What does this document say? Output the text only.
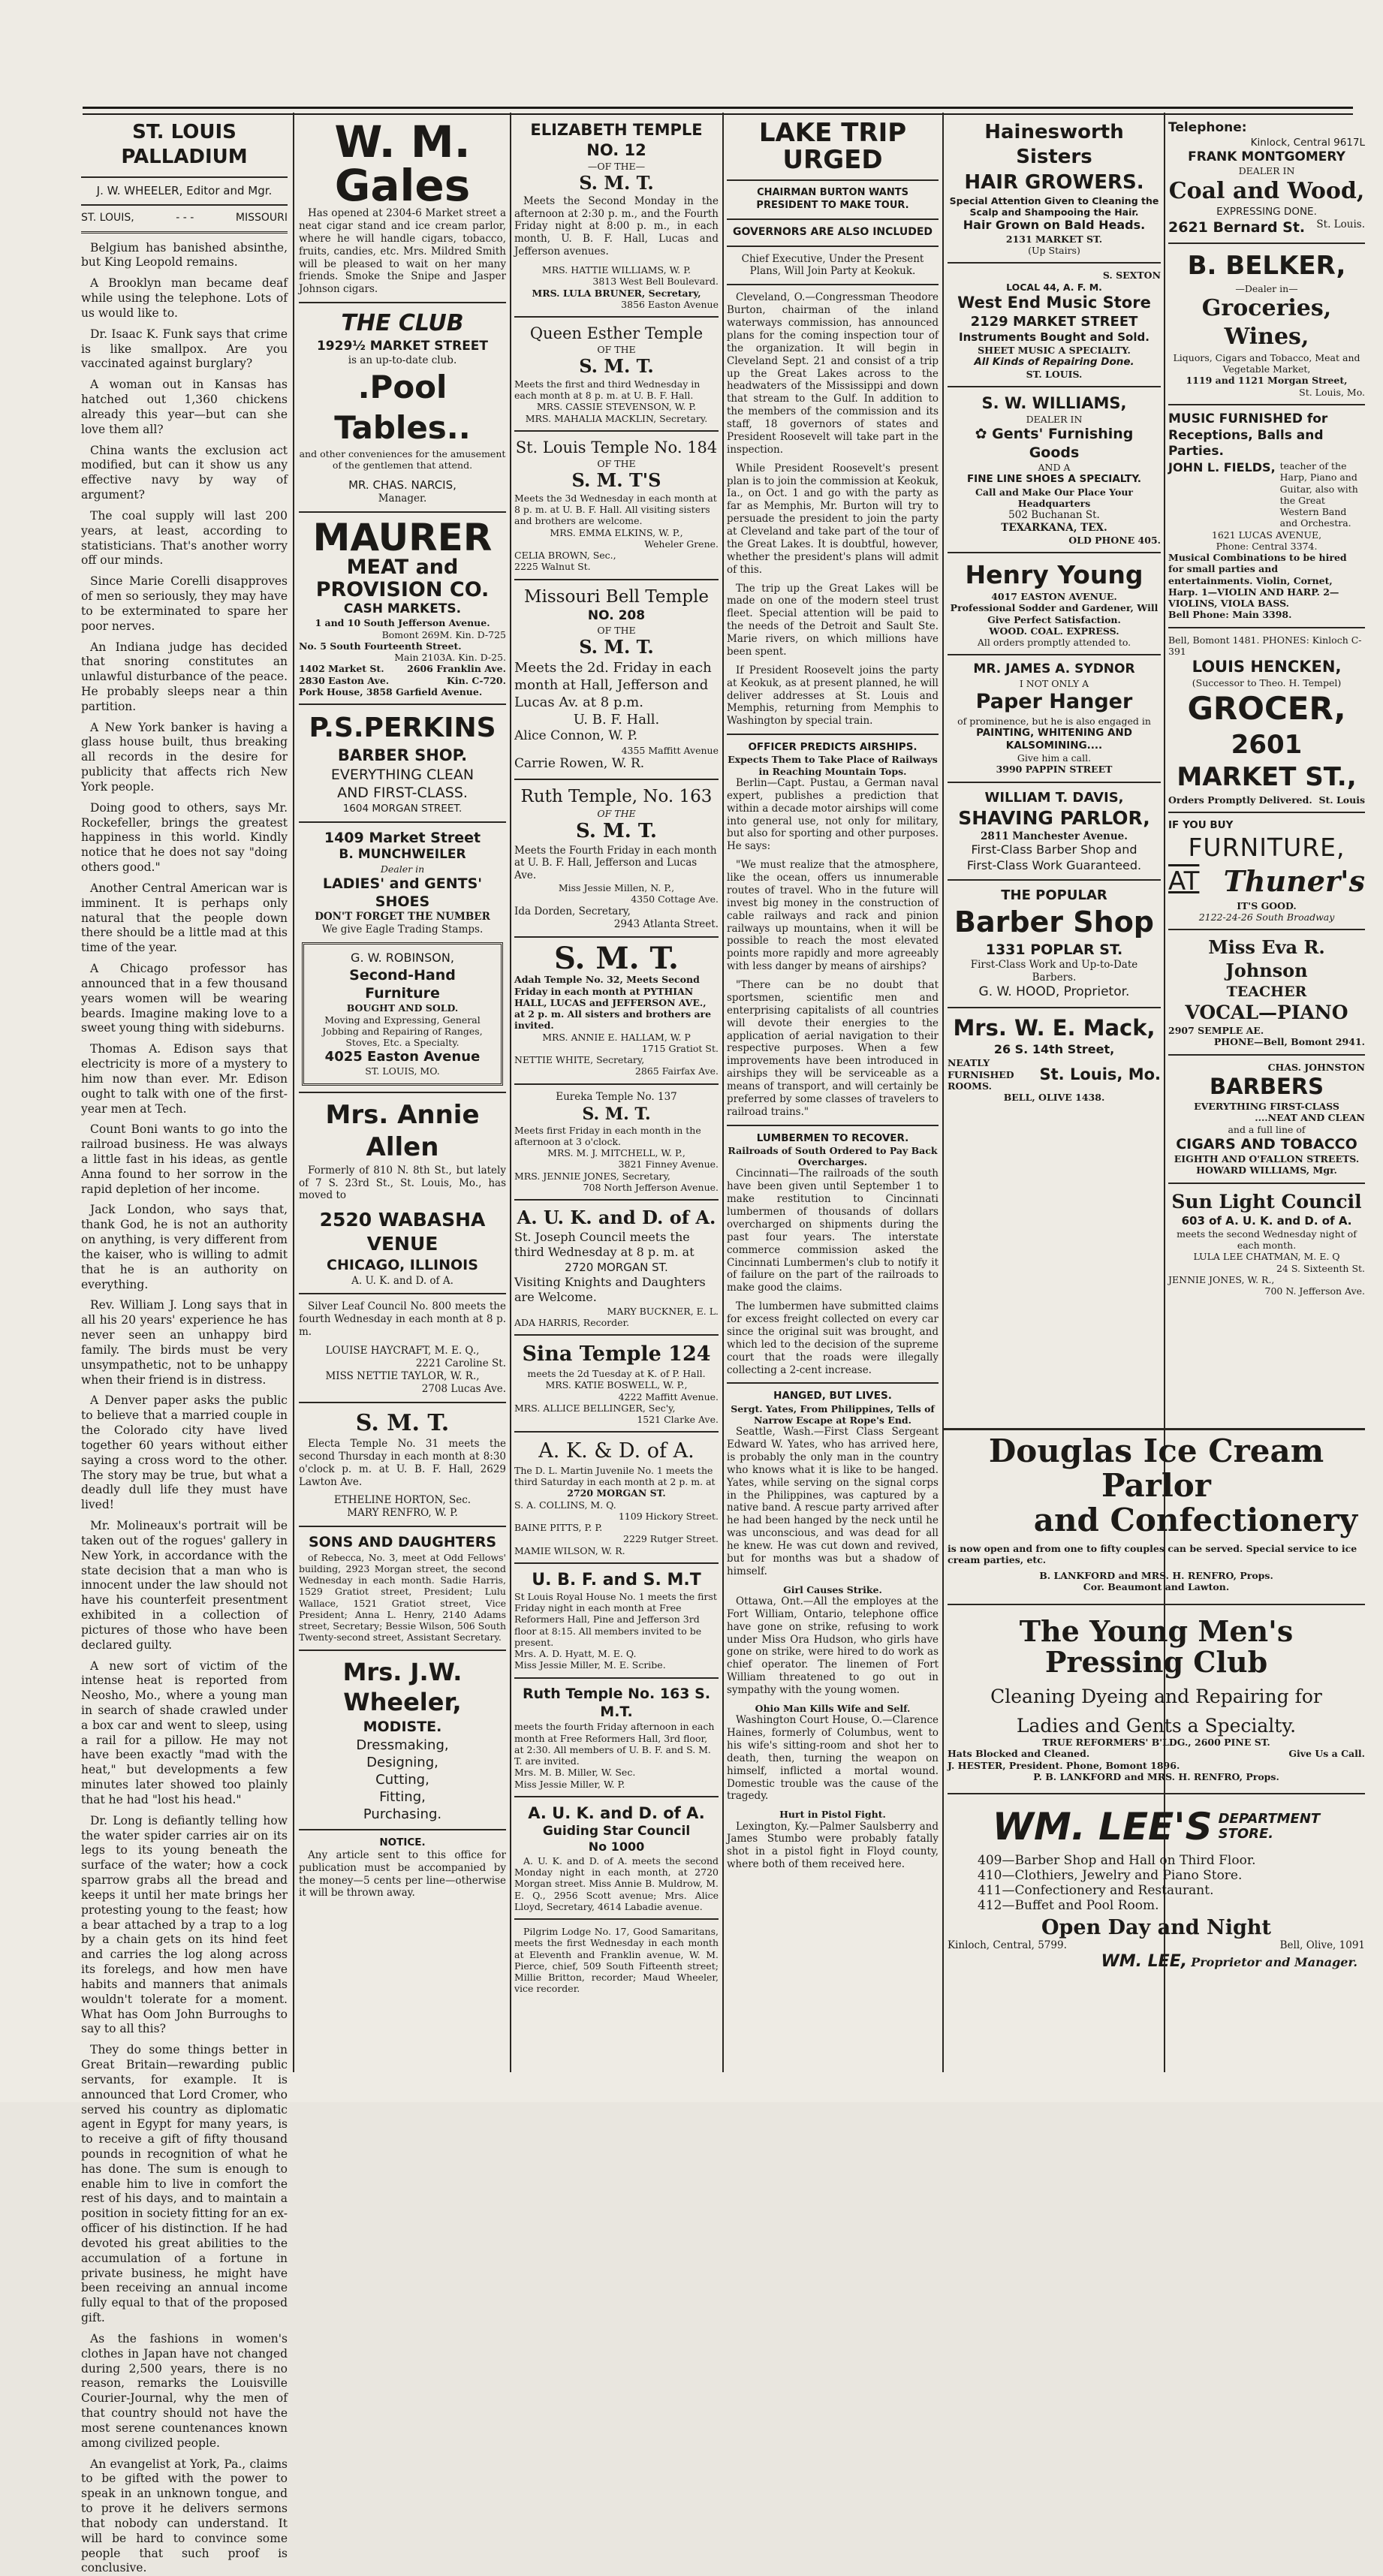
ST. LOUIS PALLADIUM
J. W. WHEELER, Editor and Mgr.
ST. LOUIS,	- - -	MISSOURI

Belgium has banished absinthe, but King Leopold remains.

A Brooklyn man became deaf while using the telephone. Lots of us would like to.

Dr. Isaac K. Funk says that crime is like smallpox. Are you vaccinated against burglary?

A woman out in Kansas has hatched out 1,360 chickens already this year—but can she love them all?

China wants the exclusion act modified, but can it show us any effective navy by way of argument?

The coal supply will last 200 years, at least, according to statisticians. That's another worry off our minds.

Since Marie Corelli disapproves of men so seriously, they may have to be exterminated to spare her poor nerves.

An Indiana judge has decided that snoring constitutes an unlawful disturbance of the peace. He probably sleeps near a thin partition.

A New York banker is having a glass house built, thus breaking all records in the desire for publicity that affects rich New York people.

Doing good to others, says Mr. Rockefeller, brings the greatest happiness in this world. Kindly notice that he does not say "doing others good."

Another Central American war is imminent. It is perhaps only natural that the people down there should be a little mad at this time of the year.

A Chicago professor has announced that in a few thousand years women will be wearing beards. Imagine making love to a sweet young thing with sideburns.

Thomas A. Edison says that electricity is more of a mystery to him now than ever. Mr. Edison ought to talk with one of the first-year men at Tech.

Count Boni wants to go into the railroad business. He was always a little fast in his ideas, as gentle Anna found to her sorrow in the rapid depletion of her income.

Jack London, who says that, thank God, he is not an authority on anything, is very different from the kaiser, who is willing to admit that he is an authority on everything.

Rev. William J. Long says that in all his 20 years' experience he has never seen an unhappy bird family. The birds must be very unsympathetic, not to be unhappy when their friend is in distress.

A Denver paper asks the public to believe that a married couple in the Colorado city have lived together 60 years without either saying a cross word to the other. The story may be true, but what a deadly dull life they must have lived!

Mr. Molineaux's portrait will be taken out of the rogues' gallery in New York, in accordance with the state decision that a man who is innocent under the law should not have his counterfeit presentment exhibited in a collection of pictures of those who have been declared guilty.

A new sort of victim of the intense heat is reported from Neosho, Mo., where a young man in search of shade crawled under a box car and went to sleep, using a rail for a pillow. He may not have been exactly "mad with the heat," but developments a few minutes later showed too plainly that he had "lost his head."

Dr. Long is defiantly telling how the water spider carries air on its legs to its young beneath the surface of the water; how a cock sparrow grabs all the bread and keeps it until her mate brings her protesting young to the feast; how a bear attached by a trap to a log by a chain gets on its hind feet and carries the log along across its forelegs, and how men have habits and manners that animals wouldn't tolerate for a moment. What has Oom John Burroughs to say to all this?

They do some things better in Great Britain—rewarding public servants, for example. It is announced that Lord Cromer, who served his country as diplomatic agent in Egypt for many years, is to receive a gift of fifty thousand pounds in recognition of what he has done. The sum is enough to enable him to live in comfort the rest of his days, and to maintain a position in society fitting for an ex-officer of his distinction. If he had devoted his great abilities to the accumulation of a fortune in private business, he might have been receiving an annual income fully equal to that of the proposed gift.

As the fashions in women's clothes in Japan have not changed during 2,500 years, there is no reason, remarks the Louisville Courier-Journal, why the men of that country should not have the most serene countenances known among civilized people.

An evangelist at York, Pa., claims to be gifted with the power to speak in an unknown tongue, and to prove it he delivers sermons that nobody can understand. It will be hard to convince some people that such proof is conclusive.

W. M. Gales

Has opened at 2304-6 Market street a neat cigar stand and ice cream parlor, where he will handle cigars, tobacco, fruits, candies, etc. Mrs. Mildred Smith will be pleased to wait on her many friends. Smoke the Snipe and Jasper Johnson cigars.

THE CLUB
1929½ MARKET STREET
is an up-to-date club.
.Pool Tables..
and other conveniences for the amusement of the gentlemen that attend.
MR. CHAS. NARCIS,
Manager.
MAURER
MEAT and PROVISION CO.
CASH MARKETS.
1 and 10 South Jefferson Avenue.
Bomont 269M. Kin. D-725
No. 5 South Fourteenth Street.
Main 2103A. Kin. D-25.
1402 Market St. 2606 Franklin Ave.
2830 Easton Ave.	Kin. C-720.
Pork House, 3858 Garfield Avenue.
P.S.PERKINS
BARBER SHOP.
EVERYTHING CLEAN
AND FIRST-CLASS.
1604 MORGAN STREET.
1409 Market Street
B. MUNCHWEILER
Dealer in
LADIES' and GENTS' SHOES
DON'T FORGET THE NUMBER
We give Eagle Trading Stamps.
G. W. ROBINSON,
Second-Hand Furniture
BOUGHT AND SOLD.
Moving and Expressing, General Jobbing and Repairing of Ranges, Stoves, Etc. a Specialty.
4025 Easton Avenue
ST. LOUIS, MO.
Mrs. Annie Allen

Formerly of 810 N. 8th St., but lately of 7 S. 23rd St., St. Louis, Mo., has moved to

2520 WABASHA VENUE
CHICAGO, ILLINOIS
A. U. K. and D. of A.

Silver Leaf Council No. 800 meets the fourth Wednesday in each month at 8 p. m.

LOUISE HAYCRAFT, M. E. Q.,
2221 Caroline St.
MISS NETTIE TAYLOR, W. R.,
2708 Lucas Ave.
S. M. T.

Electa Temple No. 31 meets the second Thursday in each month at 8:30 o'clock p. m. at U. B. F. Hall, 2629 Lawton Ave.

ETHELINE HORTON, Sec.
MARY RENFRO, W. P.
SONS AND DAUGHTERS

of Rebecca, No. 3, meet at Odd Fellows' building, 2923 Morgan street, the second Wednesday in each month. Sadie Harris, 1529 Gratiot street, President; Lulu Wallace, 1521 Gratiot street, Vice President; Anna L. Henry, 2140 Adams street, Secretary; Bessie Wilson, 506 South Twenty-second street, Assistant Secretary.

Mrs. J.W. Wheeler,
MODISTE.
Dressmaking,
Designing,
Cutting,
Fitting,
Purchasing.
NOTICE.

Any article sent to this office for publication must be accompanied by the money—5 cents per line—otherwise it will be thrown away.

ELIZABETH TEMPLE NO. 12
—OF THE—
S. M. T.

Meets the Second Monday in the afternoon at 2:30 p. m., and the Fourth Friday night at 8:00 p. m., in each month, U. B. F. Hall, Lucas and Jefferson avenues.

MRS. HATTIE WILLIAMS, W. P.
3813 West Bell Boulevard.
MRS. LULA BRUNER, Secretary,
3856 Easton Avenue
Queen Esther Temple
OF THE
S. M. T.
Meets the first and third Wednesday in each month at 8 p. m. at U. B. F. Hall.
MRS. CASSIE STEVENSON, W. P.
MRS. MAHALIA MACKLIN, Secretary.
St. Louis Temple No. 184
OF THE
S. M. T'S
Meets the 3d Wednesday in each month at 8 p. m. at U. B. F. Hall. All visiting sisters and brothers are welcome.
MRS. EMMA ELKINS, W. P.,
Weheler Grene.
CELIA BROWN, Sec.,
2225 Walnut St.
Missouri Bell Temple
NO. 208
OF THE
S. M. T.
Meets the 2d. Friday in each month at Hall, Jefferson and Lucas Av. at 8 p.m.
U. B. F. Hall.
Alice Connon, W. P.
4355 Maffitt Avenue
Carrie Rowen, W. R.
Ruth Temple, No. 163
OF THE
S. M. T.
Meets the Fourth Friday in each month at U. B. F. Hall, Jefferson and Lucas Ave.
Miss Jessie Millen, N. P.,
4350 Cottage Ave.
Ida Dorden, Secretary,
2943 Atlanta Street.
S. M. T.
Adah Temple No. 32, Meets Second Friday in each month at PYTHIAN HALL, LUCAS and JEFFERSON AVE., at 2 p. m. All sisters and brothers are invited.
MRS. ANNIE E. HALLAM, W. P
1715 Gratiot St.
NETTIE WHITE, Secretary,
2865 Fairfax Ave.
Eureka Temple No. 137
S. M. T.
Meets first Friday in each month in the afternoon at 3 o'clock.
MRS. M. J. MITCHELL, W. P.,
3821 Finney Avenue.
MRS. JENNIE JONES, Secretary,
708 North Jefferson Avenue.
A. U. K. and D. of A.
St. Joseph Council meets the third Wednesday at 8 p. m. at
2720 MORGAN ST.
Visiting Knights and Daughters are Welcome.
MARY BUCKNER, E. L.
ADA HARRIS, Recorder.
Sina Temple 124
meets the 2d Tuesday at K. of P. Hall.
MRS. KATIE BOSWELL, W. P.,
4222 Maffitt Avenue.
MRS. ALLICE BELLINGER, Sec'y,
1521 Clarke Ave.
A. K. & D. of A.
The D. L. Martin Juvenile No. 1 meets the third Saturday in each month at 2 p. m. at
2720 MORGAN ST.
S. A. COLLINS, M. Q.
1109 Hickory Street.
BAINE PITTS, P. P.
2229 Rutger Street.
MAMIE WILSON, W. R.
U. B. F. and S. M.T
St Louis Royal House No. 1 meets the first Friday night in each month at Free Reformers Hall, Pine and Jefferson 3rd floor at 8:15. All members invited to be present.
Mrs. A. D. Hyatt, M. E. Q.
Miss Jessie Miller, M. E. Scribe.
Ruth Temple No. 163 S. M.T.
meets the fourth Friday afternoon in each month at Free Reformers Hall, 3rd floor, at 2:30. All members of U. B. F. and S. M. T. are invited.
Mrs. M. B. Miller, W. Sec.
Miss Jessie Miller, W. P.
A. U. K. and D. of A.
Guiding Star Council
No 1000

A. U. K. and D. of A. meets the second Monday night in each month, at 2720 Morgan street. Miss Annie B. Muldrow, M. E. Q., 2956 Scott avenue; Mrs. Alice Lloyd, Secretary, 4614 Labadie avenue.

Pilgrim Lodge No. 17, Good Samaritans, meets the first Wednesday in each month at Eleventh and Franklin avenue, W. M. Pierce, chief, 509 South Fifteenth street; Millie Britton, recorder; Maud Wheeler, vice recorder.

LAKE TRIP URGED
CHAIRMAN BURTON WANTS PRESIDENT TO MAKE TOUR.
GOVERNORS ARE ALSO INCLUDED
Chief Executive, Under the Present Plans, Will Join Party at Keokuk.

Cleveland, O.—Congressman Theodore Burton, chairman of the inland waterways commission, has announced plans for the coming inspection tour of the organization. It will begin in Cleveland Sept. 21 and consist of a trip up the Great Lakes across to the headwaters of the Mississippi and down that stream to the Gulf. In addition to the members of the commission and its staff, 18 governors of states and President Roosevelt will take part in the inspection.

While President Roosevelt's present plan is to join the commission at Keokuk, Ia., on Oct. 1 and go with the party as far as Memphis, Mr. Burton will try to persuade the president to join the party at Cleveland and take part of the tour of the Great Lakes. It is doubtful, however, whether the president's plans will admit of this.

The trip up the Great Lakes will be made on one of the modern steel trust fleet. Special attention will be paid to the needs of the Detroit and Sault Ste. Marie rivers, on which millions have been spent.

If President Roosevelt joins the party at Keokuk, as at present planned, he will deliver addresses at St. Louis and Memphis, returning from Memphis to Washington by special train.

OFFICER PREDICTS AIRSHIPS.
Expects Them to Take Place of Railways in Reaching Mountain Tops.

Berlin—Capt. Pustau, a German naval expert, publishes a prediction that within a decade motor airships will come into general use, not only for military, but also for sporting and other purposes. He says:

"We must realize that the atmosphere, like the ocean, offers us innumerable routes of travel. Who in the future will invest big money in the construction of cable railways and rack and pinion railways up mountains, when it will be possible to reach the most elevated points more rapidly and more agreeably with less danger by means of airships?

"There can be no doubt that sportsmen, scientific men and enterprising capitalists of all countries will devote their energies to the application of aerial navigation to their respective purposes. When a few improvements have been introduced in airships they will be serviceable as a means of transport, and will certainly be preferred by some classes of travelers to railroad trains."

LUMBERMEN TO RECOVER.
Railroads of South Ordered to Pay Back Overcharges.

Cincinnati—The railroads of the south have been given until September 1 to make restitution to Cincinnati lumbermen of thousands of dollars overcharged on shipments during the past four years. The interstate commerce commission asked the Cincinnati Lumbermen's club to notify it of failure on the part of the railroads to make good the claims.

The lumbermen have submitted claims for excess freight collected on every car since the original suit was brought, and which led to the decision of the supreme court that the roads were illegally collecting a 2-cent increase.

HANGED, BUT LIVES.
Sergt. Yates, From Philippines, Tells of Narrow Escape at Rope's End.

Seattle, Wash.—First Class Sergeant Edward W. Yates, who has arrived here, is probably the only man in the country who knows what it is like to be hanged. Yates, while serving on the signal corps in the Philippines, was captured by a native band. A rescue party arrived after he had been hanged by the neck until he was unconscious, and was dead for all he knew. He was cut down and revived, but for months was but a shadow of himself.

Girl Causes Strike.

Ottawa, Ont.—All the employes at the Fort William, Ontario, telephone office have gone on strike, refusing to work under Miss Ora Hudson, who girls have gone on strike, were hired to do work as chief operator. The linemen of Fort William threatened to go out in sympathy with the young women.

Ohio Man Kills Wife and Self.

Washington Court House, O.—Clarence Haines, formerly of Columbus, went to his wife's sitting-room and shot her to death, then, turning the weapon on himself, inflicted a mortal wound. Domestic trouble was the cause of the tragedy.

Hurt in Pistol Fight.

Lexington, Ky.—Palmer Saulsberry and James Stumbo were probably fatally shot in a pistol fight in Floyd county, where both of them received here.

Hainesworth Sisters
HAIR GROWERS.
Special Attention Given to Cleaning the Scalp and Shampooing the Hair.
Hair Grown on Bald Heads.
2131 MARKET ST.
(Up Stairs)
S. SEXTON
LOCAL 44, A. F. M.
West End Music Store
2129 MARKET STREET
Instruments Bought and Sold.
SHEET MUSIC A SPECIALTY.
All Kinds of Repairing Done.
ST. LOUIS.
S. W. WILLIAMS,
DEALER IN
✿ Gents' Furnishing Goods
AND A
FINE LINE SHOES A SPECIALTY.
Call and Make Our Place Your Headquarters
502 Buchanan St.
TEXARKANA, TEX.
OLD PHONE 405.
Henry Young
4017 EASTON AVENUE.
Professional Sodder and Gardener, Will Give Perfect Satisfaction.
WOOD. COAL. EXPRESS.
All orders promptly attended to.
MR. JAMES A. SYDNOR
I NOT ONLY A
Paper Hanger
of prominence, but he is also engaged in
PAINTING, WHITENING AND KALSOMINING....
Give him a call.
3990 PAPPIN STREET
WILLIAM T. DAVIS,
SHAVING PARLOR,
2811 Manchester Avenue.
First-Class Barber Shop and
First-Class Work Guaranteed.
THE POPULAR
Barber Shop
1331 POPLAR ST.
First-Class Work and Up-to-Date Barbers.
G. W. HOOD, Proprietor.
Mrs. W. E. Mack,
26 S. 14th Street,
NEATLY FURNISHED ROOMS.
St. Louis, Mo.
BELL, OLIVE 1438.
Telephone:
Kinlock, Central 9617L
FRANK MONTGOMERY
DEALER IN
Coal and Wood,
EXPRESSING DONE.
2621 Bernard St. St. Louis.
B. BELKER,
—Dealer in—
Groceries, Wines,
Liquors, Cigars and Tobacco, Meat and Vegetable Market,
1119 and 1121 Morgan Street,
St. Louis, Mo.
MUSIC FURNISHED for Receptions, Balls and Parties.
JOHN L. FIELDS, teacher of the Harp, Piano and Guitar, also with the Great Western Band and Orchestra.
1621 LUCAS AVENUE,
Phone: Central 3374.
Musical Combinations to be hired for small parties and entertainments. Violin, Cornet, Harp. 1—VIOLIN AND HARP. 2—VIOLINS, VIOLA BASS.
Bell Phone: Main 3398.
Bell, Bomont 1481. PHONES: Kinloch C-391
LOUIS HENCKEN,
(Successor to Theo. H. Tempel)
GROCER,
2601 MARKET ST.,
Orders Promptly Delivered. St. Louis
IF YOU BUY
FURNITURE,
AT Thuner's
IT'S GOOD.
2122-24-26 South Broadway
Miss Eva R. Johnson
TEACHER
VOCAL—PIANO
2907 SEMPLE AE.
PHONE—Bell, Bomont 2941.
CHAS. JOHNSTON
BARBERS
EVERYTHING FIRST-CLASS
....NEAT AND CLEAN
and a full line of
CIGARS AND TOBACCO
EIGHTH AND O'FALLON STREETS.
HOWARD WILLIAMS, Mgr.
Sun Light Council
603 of A. U. K. and D. of A.
meets the second Wednesday night of each month.
LULA LEE CHATMAN, M. E. Q
24 S. Sixteenth St.
JENNIE JONES, W. R.,
700 N. Jefferson Ave.
Douglas Ice Cream Parlor
and Confectionery
is now open and from one to fifty couples can be served. Special service to ice cream parties, etc.
B. LANKFORD and MRS. H. RENFRO, Props.
Cor. Beaumont and Lawton.
The Young Men's Pressing Club
Cleaning Dyeing and Repairing for
Ladies and Gents a Specialty.
TRUE REFORMERS' B'LDG., 2600 PINE ST.
Hats Blocked and Cleaned.	Give Us a Call.
J. HESTER, President. Phone, Bomont 1896.
P. B. LANKFORD and MRS. H. RENFRO, Props.
WM. LEE'S DEPARTMENT
STORE.
409—Barber Shop and Hall on Third Floor.
410—Clothiers, Jewelry and Piano Store.
411—Confectionery and Restaurant.
412—Buffet and Pool Room.
Open Day and Night
Kinloch, Central, 5799.	Bell, Olive, 1091
WM. LEE, Proprietor and Manager.
